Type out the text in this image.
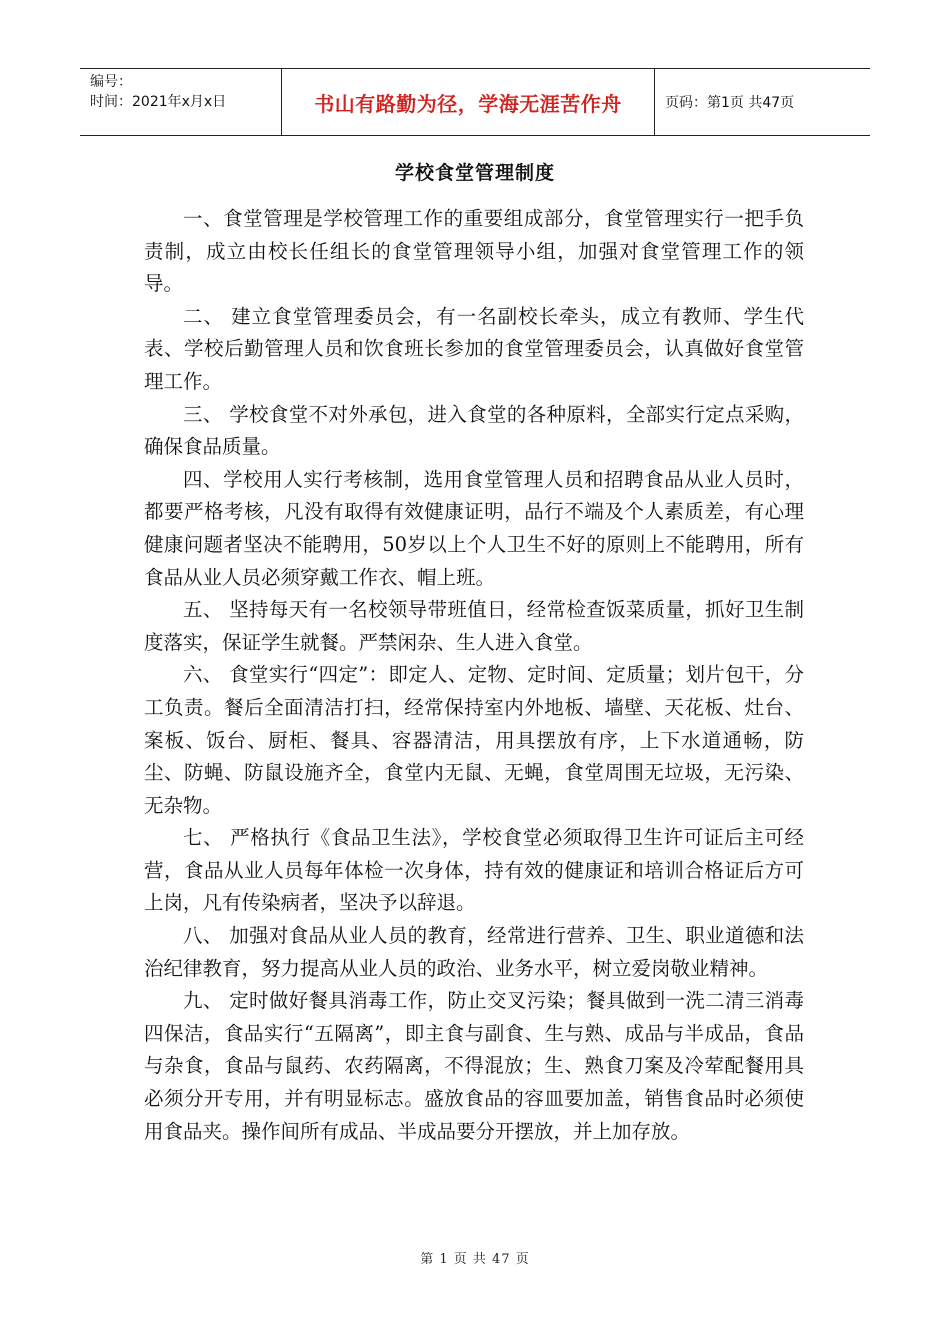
编号：
时间：2021年x月x日	书山有路勤为径，学海无涯苦作舟	页码：第1页 共47页
学校食堂管理制度

一、食堂管理是学校管理工作的重要组成部分，食堂管理实行一把手负责制，成立由校长任组长的食堂管理领导小组，加强对食堂管理工作的领导。

二、 建立食堂管理委员会，有一名副校长牵头，成立有教师、学生代表、学校后勤管理人员和饮食班长参加的食堂管理委员会，认真做好食堂管理工作。

三、 学校食堂不对外承包，进入食堂的各种原料，全部实行定点采购，确保食品质量。

四、学校用人实行考核制，选用食堂管理人员和招聘食品从业人员时，都要严格考核，凡没有取得有效健康证明，品行不端及个人素质差，有心理健康问题者坚决不能聘用，50岁以上个人卫生不好的原则上不能聘用，所有食品从业人员必须穿戴工作衣、帽上班。

五、 坚持每天有一名校领导带班值日，经常检查饭菜质量，抓好卫生制度落实，保证学生就餐。严禁闲杂、生人进入食堂。

六、 食堂实行“四定”：即定人、定物、定时间、定质量；划片包干，分工负责。餐后全面清洁打扫，经常保持室内外地板、墙壁、天花板、灶台、案板、饭台、厨柜、餐具、容器清洁，用具摆放有序，上下水道通畅，防尘、防蝇、防鼠设施齐全，食堂内无鼠、无蝇，食堂周围无垃圾，无污染、无杂物。

七、 严格执行《食品卫生法》，学校食堂必须取得卫生许可证后主可经营，食品从业人员每年体检一次身体，持有效的健康证和培训合格证后方可上岗，凡有传染病者，坚决予以辞退。

八、 加强对食品从业人员的教育，经常进行营养、卫生、职业道德和法治纪律教育，努力提高从业人员的政治、业务水平，树立爱岗敬业精神。

九、 定时做好餐具消毒工作，防止交叉污染；餐具做到一洗二清三消毒四保洁，食品实行“五隔离”，即主食与副食、生与熟、成品与半成品，食品与杂食，食品与鼠药、农药隔离，不得混放；生、熟食刀案及冷荤配餐用具必须分开专用，并有明显标志。盛放食品的容皿要加盖，销售食品时必须使用食品夹。操作间所有成品、半成品要分开摆放，并上加存放。

第 1 页 共 47 页
